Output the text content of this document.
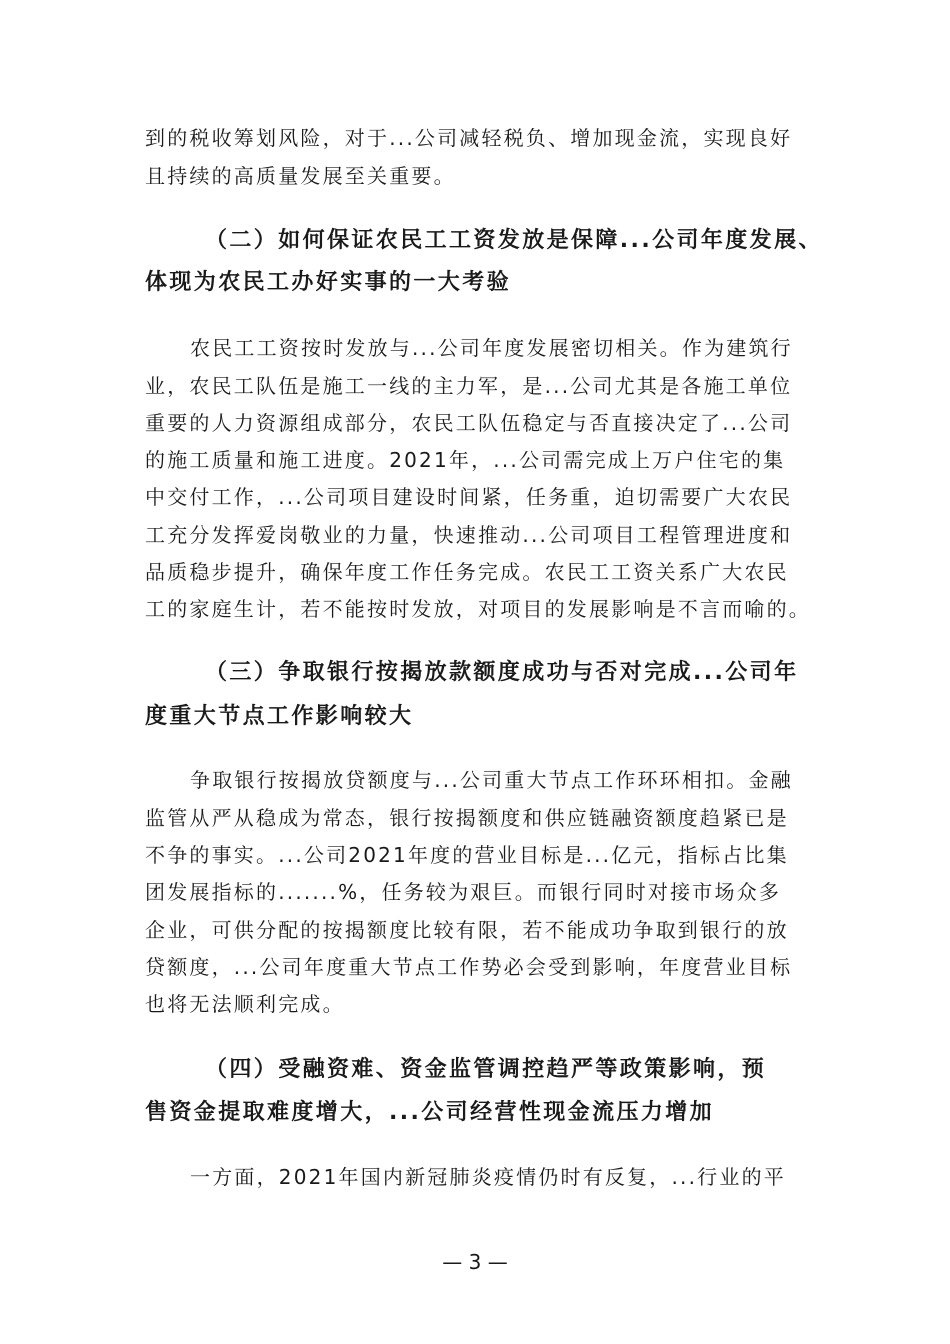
到的税收筹划风险，对于...公司减轻税负、增加现金流，实现良好
且持续的高质量发展至关重要。
（二）如何保证农民工工资发放是保障...公司年度发展、
体现为农民工办好实事的一大考验
农民工工资按时发放与...公司年度发展密切相关。作为建筑行
业，农民工队伍是施工一线的主力军，是...公司尤其是各施工单位
重要的人力资源组成部分，农民工队伍稳定与否直接决定了...公司
的施工质量和施工进度。2021年，...公司需完成上万户住宅的集
中交付工作，...公司项目建设时间紧，任务重，迫切需要广大农民
工充分发挥爱岗敬业的力量，快速推动...公司项目工程管理进度和
品质稳步提升，确保年度工作任务完成。农民工工资关系广大农民
工的家庭生计，若不能按时发放，对项目的发展影响是不言而喻的。
（三）争取银行按揭放款额度成功与否对完成...公司年
度重大节点工作影响较大
争取银行按揭放贷额度与...公司重大节点工作环环相扣。金融
监管从严从稳成为常态，银行按揭额度和供应链融资额度趋紧已是
不争的事实。...公司2021年度的营业目标是...亿元，指标占比集
团发展指标的.......%，任务较为艰巨。而银行同时对接市场众多
企业，可供分配的按揭额度比较有限，若不能成功争取到银行的放
贷额度，...公司年度重大节点工作势必会受到影响，年度营业目标
也将无法顺利完成。
（四）受融资难、资金监管调控趋严等政策影响，预
售资金提取难度增大，...公司经营性现金流压力增加
一方面，2021年国内新冠肺炎疫情仍时有反复，...行业的平
— 3 —
